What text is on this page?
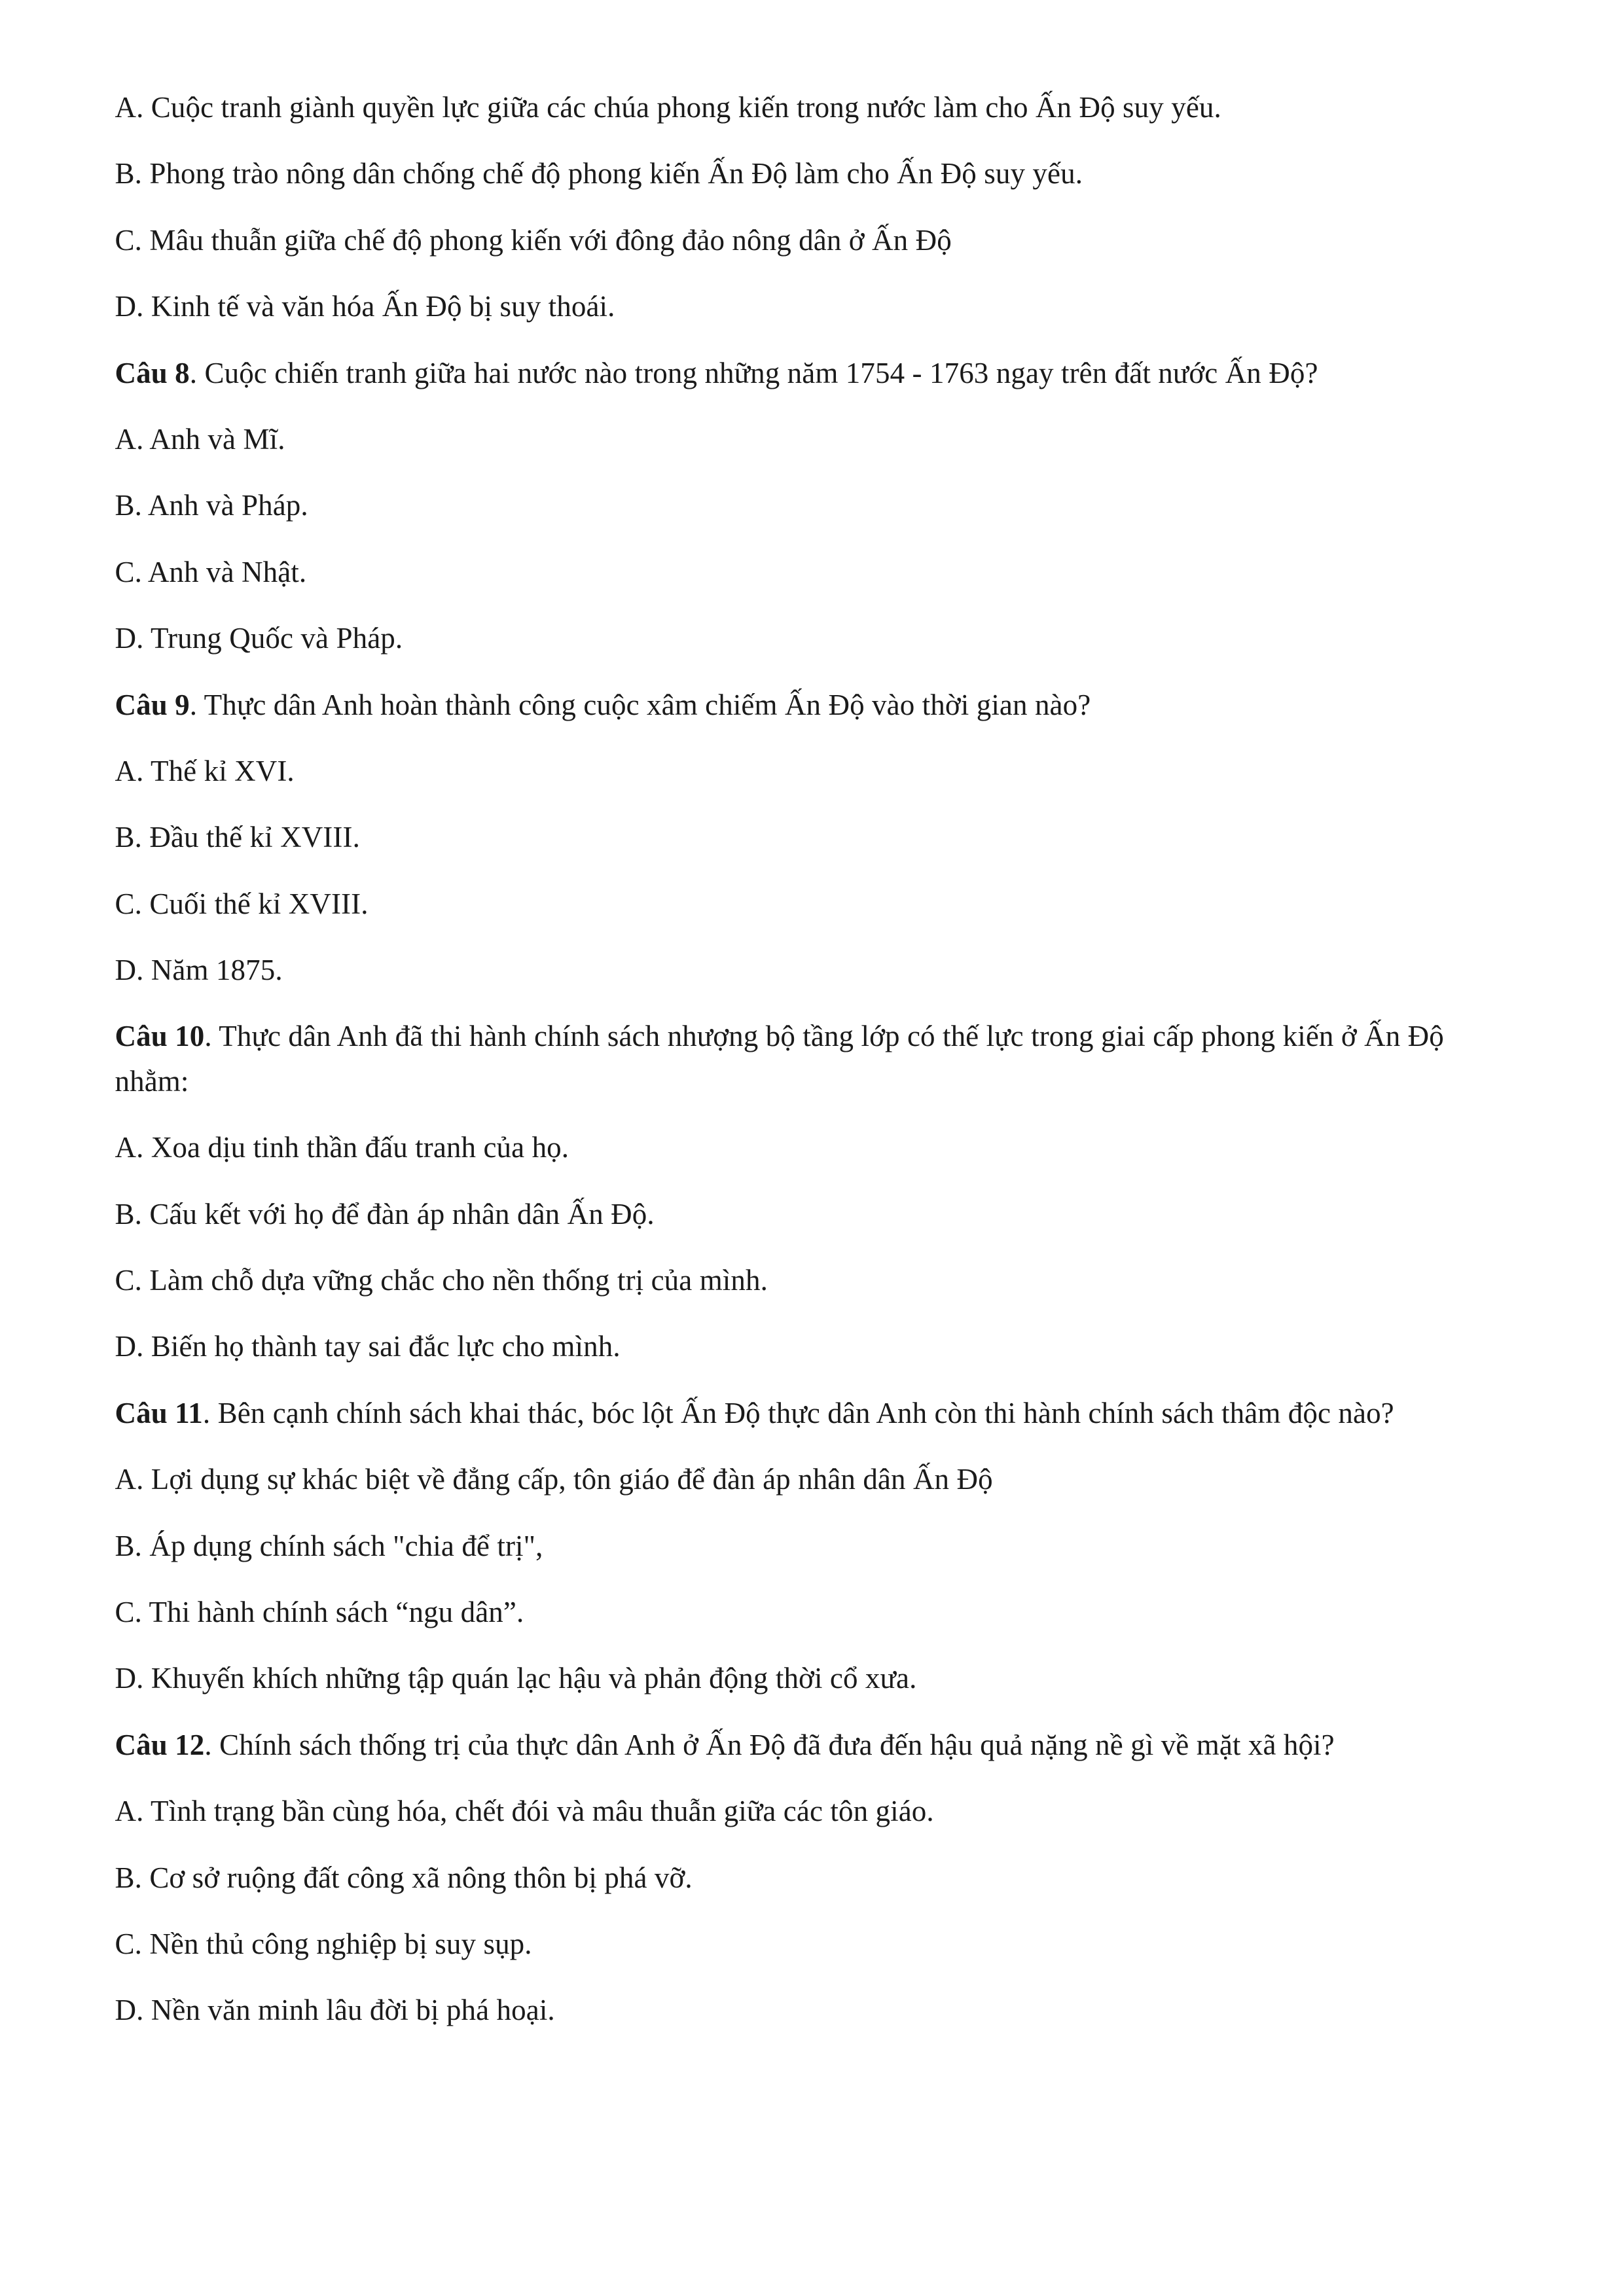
A. Cuộc tranh giành quyền lực giữa các chúa phong kiến trong nước làm cho Ấn Độ suy yếu.

B. Phong trào nông dân chống chế độ phong kiến Ấn Độ làm cho Ấn Độ suy yếu.

C. Mâu thuẫn giữa chế độ phong kiến với đông đảo nông dân ở Ấn Độ

D. Kinh tế và văn hóa Ấn Độ bị suy thoái.

Câu 8. Cuộc chiến tranh giữa hai nước nào trong những năm 1754 - 1763 ngay trên đất nước Ấn Độ?

A. Anh và Mĩ.

B. Anh và Pháp.

C. Anh và Nhật.

D. Trung Quốc và Pháp.

Câu 9. Thực dân Anh hoàn thành công cuộc xâm chiếm Ấn Độ vào thời gian nào?

A. Thế kỉ XVI.

B. Đầu thế kỉ XVIII.

C. Cuối thế kỉ XVIII.

D. Năm 1875.

Câu 10. Thực dân Anh đã thi hành chính sách nhượng bộ tầng lớp có thế lực trong giai cấp phong kiến ở Ấn Độ nhằm:

A. Xoa dịu tinh thần đấu tranh của họ.

B. Cấu kết với họ để đàn áp nhân dân Ấn Độ.

C. Làm chỗ dựa vững chắc cho nền thống trị của mình.

D. Biến họ thành tay sai đắc lực cho mình.

Câu 11. Bên cạnh chính sách khai thác, bóc lột Ấn Độ thực dân Anh còn thi hành chính sách thâm độc nào?

A. Lợi dụng sự khác biệt về đẳng cấp, tôn giáo để đàn áp nhân dân Ấn Độ

B. Áp dụng chính sách "chia để trị",

C. Thi hành chính sách “ngu dân”.

D. Khuyến khích những tập quán lạc hậu và phản động thời cổ xưa.

Câu 12. Chính sách thống trị của thực dân Anh ở Ấn Độ đã đưa đến hậu quả nặng nề gì về mặt xã hội?

A. Tình trạng bần cùng hóa, chết đói và mâu thuẫn giữa các tôn giáo.

B. Cơ sở ruộng đất công xã nông thôn bị phá vỡ.

C. Nền thủ công nghiệp bị suy sụp.

D. Nền văn minh lâu đời bị phá hoại.
